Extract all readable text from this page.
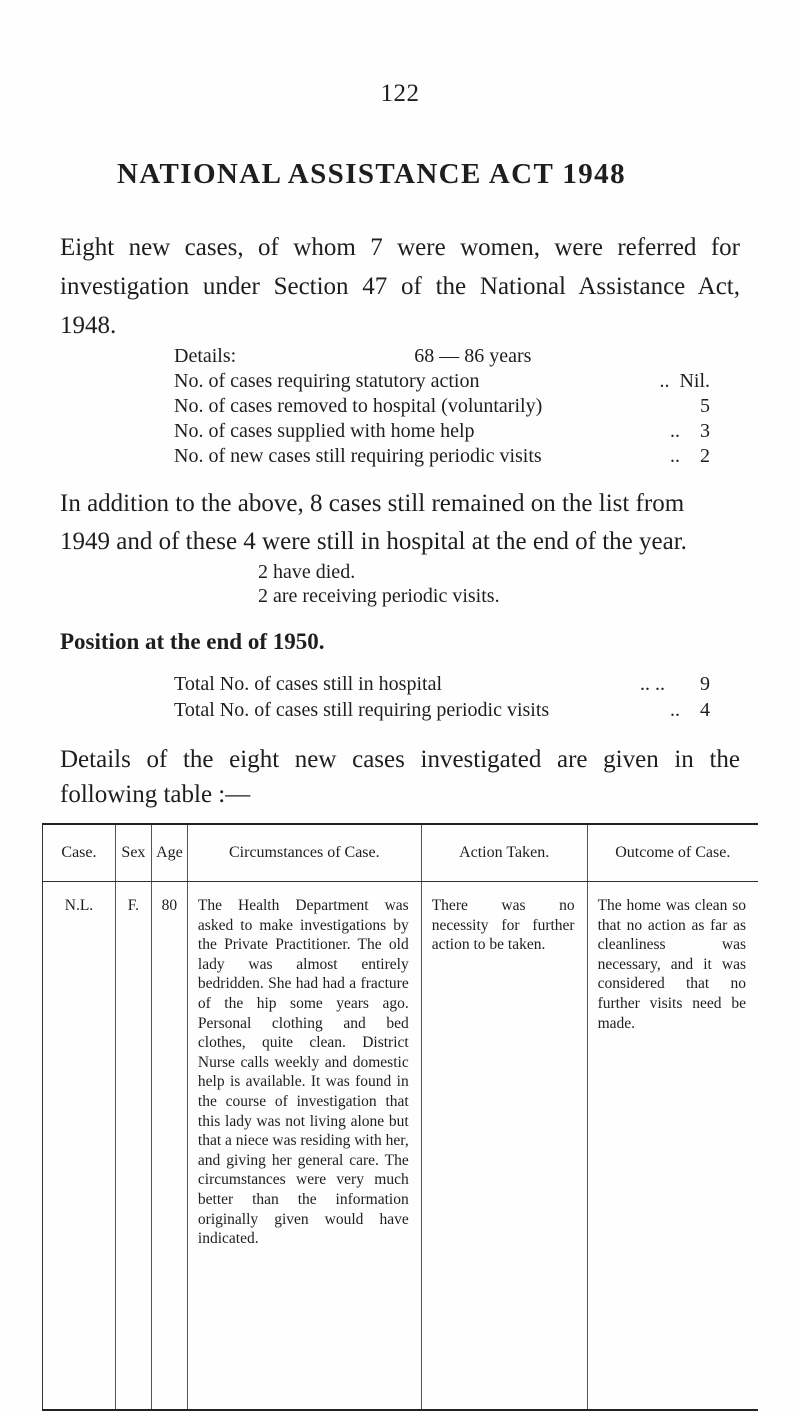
122
NATIONAL ASSISTANCE ACT 1948

Eight new cases, of whom 7 were women, were referred for investigation under Section 47 of the National Assistance Act, 1948.

Details:	68 — 86 years
No. of cases requiring statutory action	.. Nil.
No. of cases removed to hospital (voluntarily)	5
No. of cases supplied with home help	.. 3
No. of new cases still requiring periodic visits	.. 2

In addition to the above, 8 cases still remained on the list from 1949 and of these 4 were still in hospital at the end of the year.

2 have died.
2 are receiving periodic visits.
Position at the end of 1950.
Total No. of cases still in hospital	.. .. 9
Total No. of cases still requiring periodic visits	.. 4

Details of the eight new cases investigated are given in the following table :—

Case.	Sex	Age	Circumstances of Case.	Action Taken.	Outcome of Case.
N.L.	F.	80	The Health Department was asked to make investigations by the Private Practitioner. The old lady was almost entirely bedridden. She had had a fracture of the hip some years ago. Personal clothing and bed clothes, quite clean. District Nurse calls weekly and domestic help is available. It was found in the course of investigation that this lady was not living alone but that a niece was residing with her, and giving her general care. The circumstances were very much better than the information originally given would have indicated.	There was no necessity for further action to be taken.	The home was clean so that no action as far as cleanliness was necessary, and it was considered that no further visits need be made.
